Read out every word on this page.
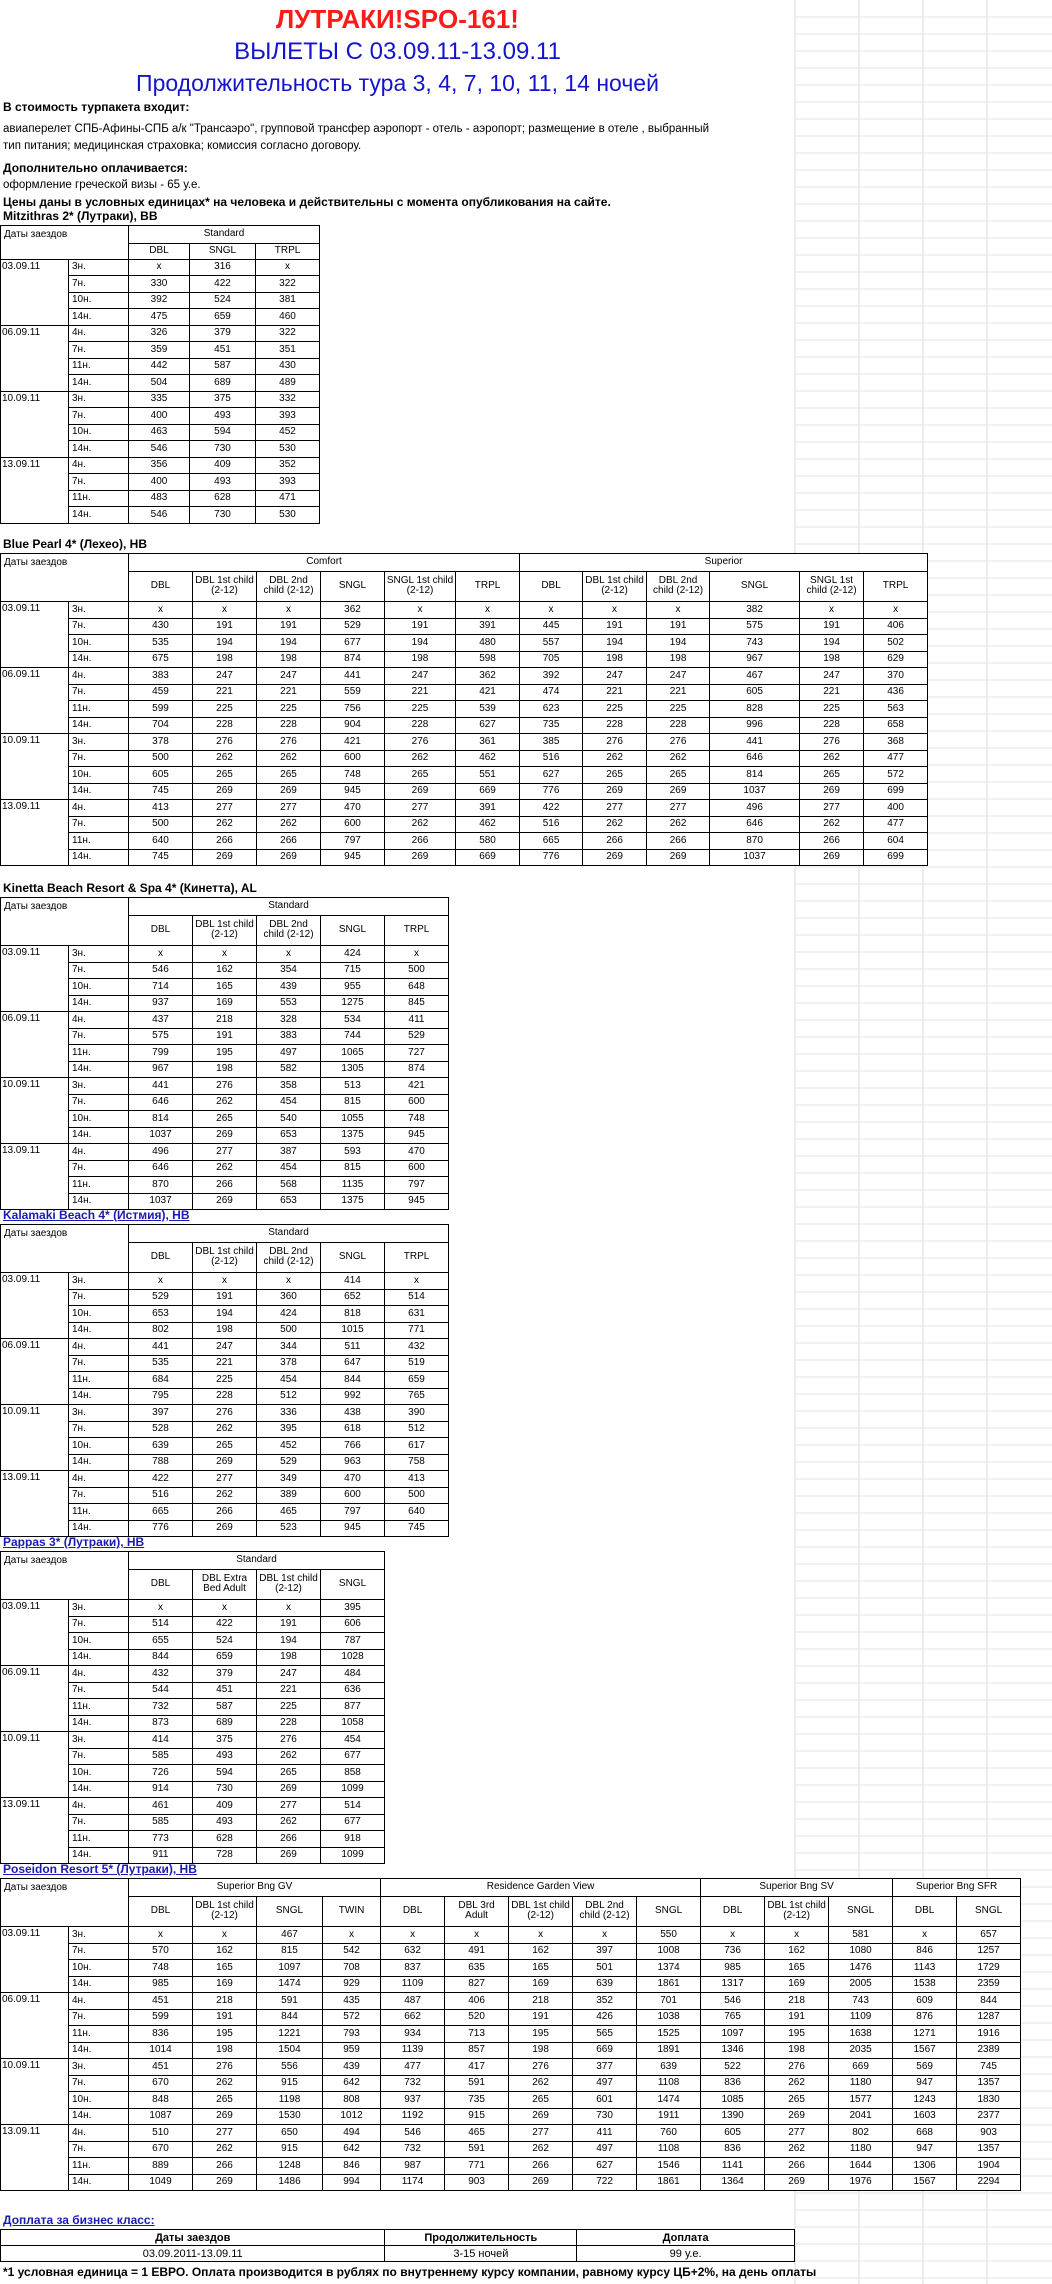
ЛУТРАКИ!SPO-161!
ВЫЛЕТЫ С 03.09.11-13.09.11
Продолжительность тура 3, 4, 7, 10, 11, 14 ночей
В стоимость турпакета входит:
авиаперелет СПБ-Афины-СПБ а/к "Трансаэро", групповой трансфер аэропорт - отель - аэропорт; размещение в отеле , выбранный
тип питания; медицинская страховка; комиссия согласно договору.
Дополнительно оплачивается:
оформление греческой визы - 65 у.е.
Цены даны в условных единицах* на человека и действительны с момента опубликования на сайте.
Mitzithras 2* (Лутраки), BB
Даты заездов		Standard		
		DBL	SNGL	TRPL
03.09.11	3н.	x	316	x
	7н.	330	422	322
	10н.	392	524	381
	14н.	475	659	460
06.09.11	4н.	326	379	322
	7н.	359	451	351
	11н.	442	587	430
	14н.	504	689	489
10.09.11	3н.	335	375	332
	7н.	400	493	393
	10н.	463	594	452
	14н.	546	730	530
13.09.11	4н.	356	409	352
	7н.	400	493	393
	11н.	483	628	471
	14н.	546	730	530
Blue Pearl 4* (Лехео), HB
Даты заездов		Comfort						Superior					
		DBL	DBL 1st child (2-12)	DBL 2nd child (2-12)	SNGL	SNGL 1st child (2-12)	TRPL	DBL	DBL 1st child (2-12)	DBL 2nd child (2-12)	SNGL	SNGL 1st child (2-12)	TRPL
03.09.11	3н.	x	x	x	362	x	x	x	x	x	382	x	x
	7н.	430	191	191	529	191	391	445	191	191	575	191	406
	10н.	535	194	194	677	194	480	557	194	194	743	194	502
	14н.	675	198	198	874	198	598	705	198	198	967	198	629
06.09.11	4н.	383	247	247	441	247	362	392	247	247	467	247	370
	7н.	459	221	221	559	221	421	474	221	221	605	221	436
	11н.	599	225	225	756	225	539	623	225	225	828	225	563
	14н.	704	228	228	904	228	627	735	228	228	996	228	658
10.09.11	3н.	378	276	276	421	276	361	385	276	276	441	276	368
	7н.	500	262	262	600	262	462	516	262	262	646	262	477
	10н.	605	265	265	748	265	551	627	265	265	814	265	572
	14н.	745	269	269	945	269	669	776	269	269	1037	269	699
13.09.11	4н.	413	277	277	470	277	391	422	277	277	496	277	400
	7н.	500	262	262	600	262	462	516	262	262	646	262	477
	11н.	640	266	266	797	266	580	665	266	266	870	266	604
	14н.	745	269	269	945	269	669	776	269	269	1037	269	699
Kinetta Beach Resort & Spa 4* (Кинетта), AL
Даты заездов		Standard				
		DBL	DBL 1st child (2-12)	DBL 2nd child (2-12)	SNGL	TRPL
03.09.11	3н.	x	x	x	424	x
	7н.	546	162	354	715	500
	10н.	714	165	439	955	648
	14н.	937	169	553	1275	845
06.09.11	4н.	437	218	328	534	411
	7н.	575	191	383	744	529
	11н.	799	195	497	1065	727
	14н.	967	198	582	1305	874
10.09.11	3н.	441	276	358	513	421
	7н.	646	262	454	815	600
	10н.	814	265	540	1055	748
	14н.	1037	269	653	1375	945
13.09.11	4н.	496	277	387	593	470
	7н.	646	262	454	815	600
	11н.	870	266	568	1135	797
	14н.	1037	269	653	1375	945
Kalamaki Beach 4* (Истмия), HB
Даты заездов		Standard				
		DBL	DBL 1st child (2-12)	DBL 2nd child (2-12)	SNGL	TRPL
03.09.11	3н.	x	x	x	414	x
	7н.	529	191	360	652	514
	10н.	653	194	424	818	631
	14н.	802	198	500	1015	771
06.09.11	4н.	441	247	344	511	432
	7н.	535	221	378	647	519
	11н.	684	225	454	844	659
	14н.	795	228	512	992	765
10.09.11	3н.	397	276	336	438	390
	7н.	528	262	395	618	512
	10н.	639	265	452	766	617
	14н.	788	269	529	963	758
13.09.11	4н.	422	277	349	470	413
	7н.	516	262	389	600	500
	11н.	665	266	465	797	640
	14н.	776	269	523	945	745
Pappas 3* (Лутраки), HB
Даты заездов		Standard			
		DBL	DBL Extra Bed Adult	DBL 1st child (2-12)	SNGL
03.09.11	3н.	x	x	x	395
	7н.	514	422	191	606
	10н.	655	524	194	787
	14н.	844	659	198	1028
06.09.11	4н.	432	379	247	484
	7н.	544	451	221	636
	11н.	732	587	225	877
	14н.	873	689	228	1058
10.09.11	3н.	414	375	276	454
	7н.	585	493	262	677
	10н.	726	594	265	858
	14н.	914	730	269	1099
13.09.11	4н.	461	409	277	514
	7н.	585	493	262	677
	11н.	773	628	266	918
	14н.	911	728	269	1099
Poseidon Resort 5* (Лутраки), HB
Даты заездов		Superior Bng GV				Residence Garden View					Superior Bng SV			Superior Bng SFR	
		DBL	DBL 1st child (2-12)	SNGL	TWIN	DBL	DBL 3rd Adult	DBL 1st child (2-12)	DBL 2nd child (2-12)	SNGL	DBL	DBL 1st child (2-12)	SNGL	DBL	SNGL
03.09.11	3н.	x	x	467	x	x	x	x	x	550	x	x	581	x	657
	7н.	570	162	815	542	632	491	162	397	1008	736	162	1080	846	1257
	10н.	748	165	1097	708	837	635	165	501	1374	985	165	1476	1143	1729
	14н.	985	169	1474	929	1109	827	169	639	1861	1317	169	2005	1538	2359
06.09.11	4н.	451	218	591	435	487	406	218	352	701	546	218	743	609	844
	7н.	599	191	844	572	662	520	191	426	1038	765	191	1109	876	1287
	11н.	836	195	1221	793	934	713	195	565	1525	1097	195	1638	1271	1916
	14н.	1014	198	1504	959	1139	857	198	669	1891	1346	198	2035	1567	2389
10.09.11	3н.	451	276	556	439	477	417	276	377	639	522	276	669	569	745
	7н.	670	262	915	642	732	591	262	497	1108	836	262	1180	947	1357
	10н.	848	265	1198	808	937	735	265	601	1474	1085	265	1577	1243	1830
	14н.	1087	269	1530	1012	1192	915	269	730	1911	1390	269	2041	1603	2377
13.09.11	4н.	510	277	650	494	546	465	277	411	760	605	277	802	668	903
	7н.	670	262	915	642	732	591	262	497	1108	836	262	1180	947	1357
	11н.	889	266	1248	846	987	771	266	627	1546	1141	266	1644	1306	1904
	14н.	1049	269	1486	994	1174	903	269	722	1861	1364	269	1976	1567	2294
Доплата за бизнес класс:
Даты заездов	Продолжительность	Доплата
03.09.2011-13.09.11	3-15 ночей	99 у.е.
*1 условная единица = 1 ЕВРО. Оплата производится в рублях по внутреннему курсу компании, равному курсу ЦБ+2%, на день оплаты
